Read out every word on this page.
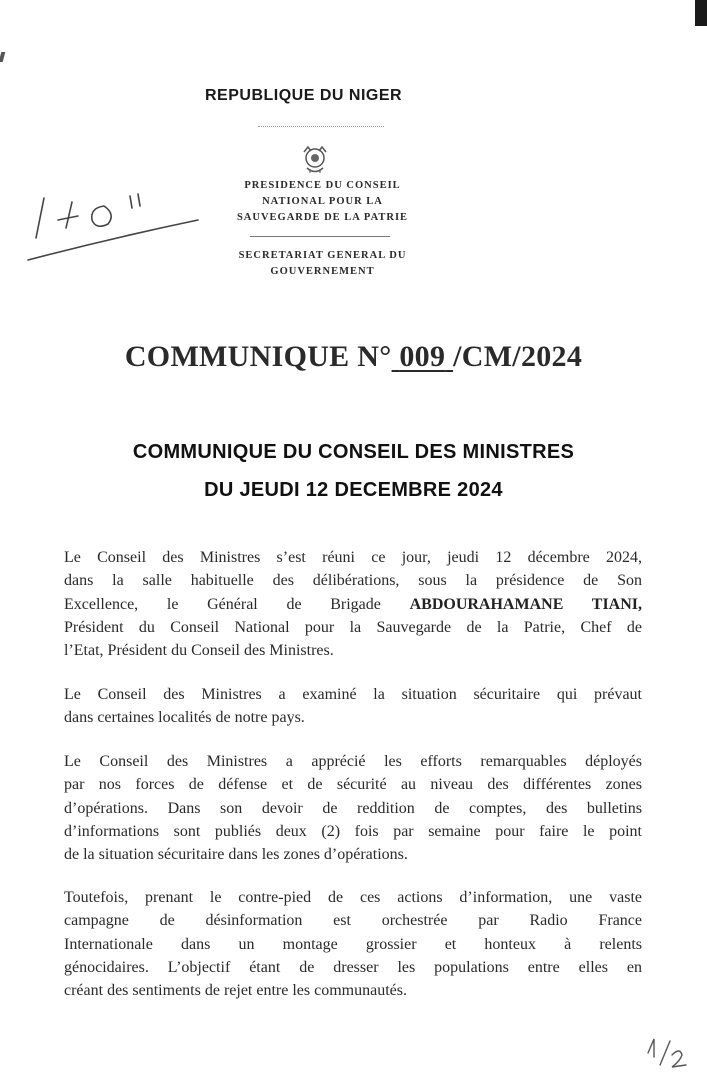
REPUBLIQUE DU NIGER
PRESIDENCE DU CONSEIL
NATIONAL POUR LA
SAUVEGARDE DE LA PATRIE
SECRETARIAT GENERAL DU
GOUVERNEMENT
COMMUNIQUE N° 009 /CM/2024
COMMUNIQUE DU CONSEIL DES MINISTRES
DU JEUDI 12 DECEMBRE 2024
Le Conseil des Ministres s’est réuni ce jour, jeudi 12 décembre 2024,
dans la salle habituelle des délibérations, sous la présidence de Son
Excellence, le Général de Brigade ABDOURAHAMANE TIANI,
Président du Conseil National pour la Sauvegarde de la Patrie, Chef de
l’Etat, Président du Conseil des Ministres.
Le Conseil des Ministres a examiné la situation sécuritaire qui prévaut
dans certaines localités de notre pays.
Le Conseil des Ministres a apprécié les efforts remarquables déployés
par nos forces de défense et de sécurité au niveau des différentes zones
d’opérations. Dans son devoir de reddition de comptes, des bulletins
d’informations sont publiés deux (2) fois par semaine pour faire le point
de la situation sécuritaire dans les zones d’opérations.
Toutefois, prenant le contre-pied de ces actions d’information, une vaste
campagne de désinformation est orchestrée par Radio France
Internationale dans un montage grossier et honteux à relents
génocidaires. L’objectif étant de dresser les populations entre elles en
créant des sentiments de rejet entre les communautés.
